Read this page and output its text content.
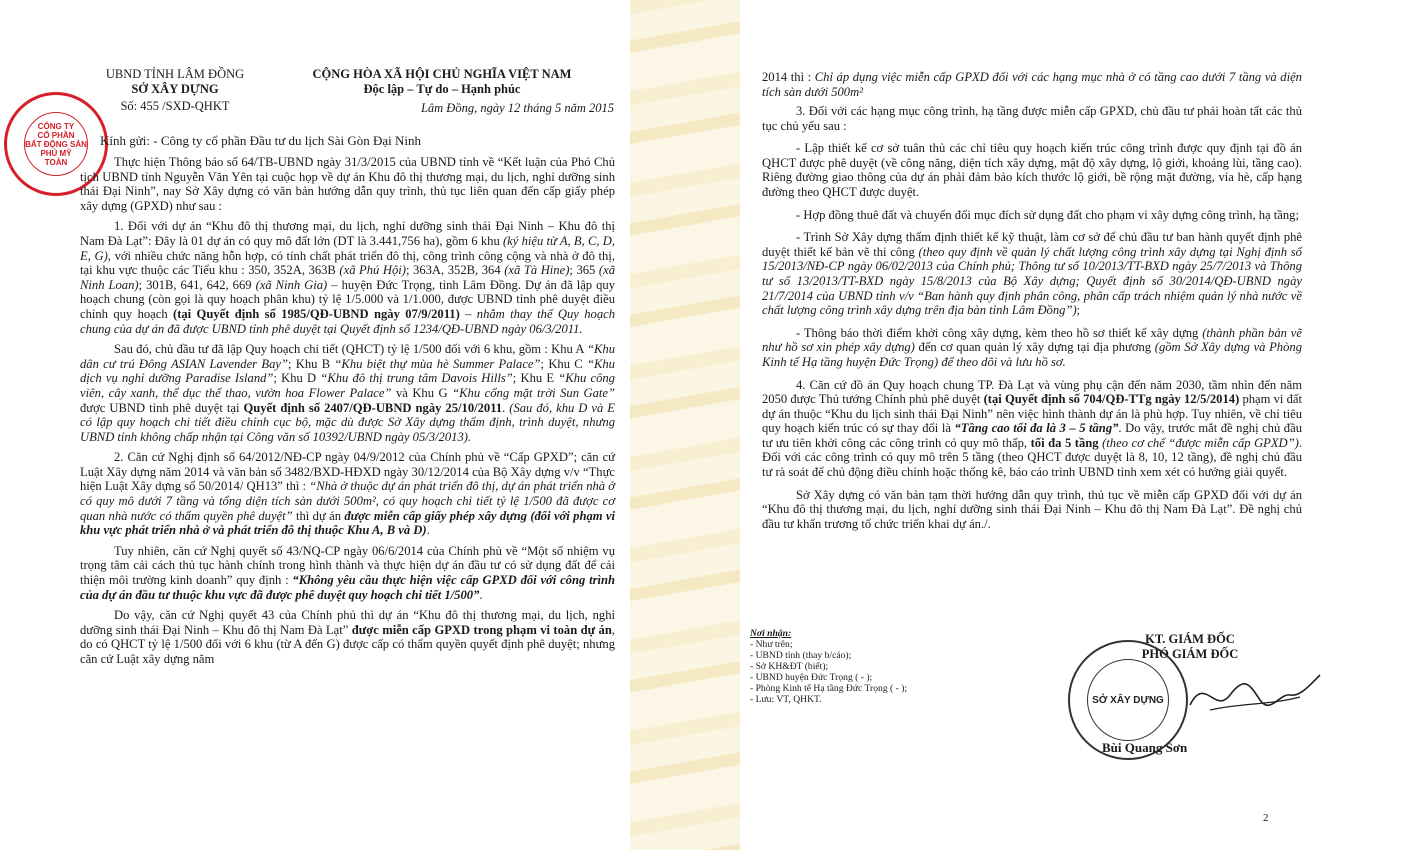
UBND TỈNH LÂM ĐỒNG
SỞ XÂY DỰNG
Số: 455 /SXD-QHKT
CỘNG HÒA XÃ HỘI CHỦ NGHĨA VIỆT NAM
Độc lập – Tự do – Hạnh phúc
Lâm Đồng, ngày 12 tháng 5 năm 2015
CÔNG TY
CỔ PHẦN
BẤT ĐỘNG SẢN
PHÚ MỸ
TOÀN
Kính gửi: - Công ty cổ phần Đầu tư du lịch Sài Gòn Đại Ninh

Thực hiện Thông báo số 64/TB-UBND ngày 31/3/2015 của UBND tỉnh về “Kết luận của Phó Chủ tịch UBND tỉnh Nguyễn Văn Yên tại cuộc họp về dự án Khu đô thị thương mại, du lịch, nghỉ dưỡng sinh thái Đại Ninh”, nay Sở Xây dựng có văn bản hướng dẫn quy trình, thủ tục liên quan đến cấp giấy phép xây dựng (GPXD) như sau :

1. Đối với dự án “Khu đô thị thương mại, du lịch, nghỉ dưỡng sinh thái Đại Ninh – Khu đô thị Nam Đà Lạt”: Đây là 01 dự án có quy mô đất lớn (DT là 3.441,756 ha), gồm 6 khu (ký hiệu từ A, B, C, D, E, G), với nhiều chức năng hỗn hợp, có tính chất phát triển đô thị, công trình công cộng và nhà ở đô thị, tại khu vực thuộc các Tiểu khu : 350, 352A, 363B (xã Phú Hội); 363A, 352B, 364 (xã Tà Hine); 365 (xã Ninh Loan); 301B, 641, 642, 669 (xã Ninh Gia) – huyện Đức Trọng, tỉnh Lâm Đồng. Dự án đã lập quy hoạch chung (còn gọi là quy hoạch phân khu) tỷ lệ 1/5.000 và 1/1.000, được UBND tỉnh phê duyệt điều chỉnh quy hoạch (tại Quyết định số 1985/QĐ-UBND ngày 07/9/2011) – nhằm thay thế Quy hoạch chung của dự án đã được UBND tỉnh phê duyệt tại Quyết định số 1234/QĐ-UBND ngày 06/3/2011.

Sau đó, chủ đầu tư đã lập Quy hoạch chi tiết (QHCT) tỷ lệ 1/500 đối với 6 khu, gồm : Khu A “Khu dân cư trú Đông ASIAN Lavender Bay”; Khu B “Khu biệt thự mùa hè Summer Palace”; Khu C “Khu dịch vụ nghỉ dưỡng Paradise Island”; Khu D “Khu đô thị trung tâm Davois Hills”; Khu E “Khu công viên, cây xanh, thể dục thể thao, vườn hoa Flower Palace” và Khu G “Khu cổng mặt trời Sun Gate” được UBND tỉnh phê duyệt tại Quyết định số 2407/QĐ-UBND ngày 25/10/2011. (Sau đó, khu D và E có lập quy hoạch chi tiết điều chỉnh cục bộ, mặc dù được Sở Xây dựng thẩm định, trình duyệt, nhưng UBND tỉnh không chấp nhận tại Công văn số 10392/UBND ngày 05/3/2013).

2. Căn cứ Nghị định số 64/2012/NĐ-CP ngày 04/9/2012 của Chính phủ về “Cấp GPXD”; căn cứ Luật Xây dựng năm 2014 và văn bản số 3482/BXD-HĐXD ngày 30/12/2014 của Bộ Xây dựng v/v “Thực hiện Luật Xây dựng số 50/2014/ QH13” thì : “Nhà ở thuộc dự án phát triển đô thị, dự án phát triển nhà ở có quy mô dưới 7 tầng và tổng diện tích sàn dưới 500m², có quy hoạch chi tiết tỷ lệ 1/500 đã được cơ quan nhà nước có thẩm quyền phê duyệt” thì dự án được miễn cấp giấy phép xây dựng (đối với phạm vi khu vực phát triển nhà ở và phát triển đô thị thuộc Khu A, B và D).

Tuy nhiên, căn cứ Nghị quyết số 43/NQ-CP ngày 06/6/2014 của Chính phủ về “Một số nhiệm vụ trọng tâm cải cách thủ tục hành chính trong hình thành và thực hiện dự án đầu tư có sử dụng đất để cải thiện môi trường kinh doanh” quy định : “Không yêu cầu thực hiện việc cấp GPXD đối với công trình của dự án đầu tư thuộc khu vực đã được phê duyệt quy hoạch chi tiết 1/500”.

Do vậy, căn cứ Nghị quyết 43 của Chính phủ thì dự án “Khu đô thị thương mại, du lịch, nghỉ dưỡng sinh thái Đại Ninh – Khu đô thị Nam Đà Lạt” được miễn cấp GPXD trong phạm vi toàn dự án, do có QHCT tỷ lệ 1/500 đối với 6 khu (từ A đến G) được cấp có thẩm quyền quyết định phê duyệt; nhưng căn cứ Luật xây dựng năm

2014 thì : Chỉ áp dụng việc miễn cấp GPXD đối với các hạng mục nhà ở có tầng cao dưới 7 tầng và diện tích sàn dưới 500m²

3. Đối với các hạng mục công trình, hạ tầng được miễn cấp GPXD, chủ đầu tư phải hoàn tất các thủ tục chủ yếu sau :

- Lập thiết kế cơ sở tuân thủ các chỉ tiêu quy hoạch kiến trúc công trình được quy định tại đồ án QHCT được phê duyệt (về công năng, diện tích xây dựng, mật độ xây dựng, lộ giới, khoảng lùi, tầng cao). Riêng đường giao thông của dự án phải đảm bảo kích thước lộ giới, bề rộng mặt đường, vỉa hè, cấp hạng đường theo QHCT được duyệt.

- Hợp đồng thuê đất và chuyển đổi mục đích sử dụng đất cho phạm vi xây dựng công trình, hạ tầng;

- Trình Sở Xây dựng thẩm định thiết kế kỹ thuật, làm cơ sở để chủ đầu tư ban hành quyết định phê duyệt thiết kế bản vẽ thi công (theo quy định về quản lý chất lượng công trình xây dựng tại Nghị định số 15/2013/NĐ-CP ngày 06/02/2013 của Chính phủ; Thông tư số 10/2013/TT-BXD ngày 25/7/2013 và Thông tư số 13/2013/TT-BXD ngày 15/8/2013 của Bộ Xây dựng; Quyết định số 30/2014/QĐ-UBND ngày 21/7/2014 của UBND tỉnh v/v “Ban hành quy định phân công, phân cấp trách nhiệm quản lý nhà nước về chất lượng công trình xây dựng trên địa bàn tỉnh Lâm Đồng”);

- Thông báo thời điểm khởi công xây dựng, kèm theo hồ sơ thiết kế xây dựng (thành phần bản vẽ như hồ sơ xin phép xây dựng) đến cơ quan quản lý xây dựng tại địa phương (gồm Sở Xây dựng và Phòng Kinh tế Hạ tầng huyện Đức Trọng) để theo dõi và lưu hồ sơ.

4. Căn cứ đồ án Quy hoạch chung TP. Đà Lạt và vùng phụ cận đến năm 2030, tầm nhìn đến năm 2050 được Thủ tướng Chính phủ phê duyệt (tại Quyết định số 704/QĐ-TTg ngày 12/5/2014) phạm vi đất dự án thuộc “Khu du lịch sinh thái Đại Ninh” nên việc hình thành dự án là phù hợp. Tuy nhiên, về chỉ tiêu quy hoạch kiến trúc có sự thay đổi là “Tầng cao tối đa là 3 – 5 tầng”. Do vậy, trước mắt đề nghị chủ đầu tư ưu tiên khởi công các công trình có quy mô thấp, tối đa 5 tầng (theo cơ chế “được miễn cấp GPXD”). Đối với các công trình có quy mô trên 5 tầng (theo QHCT được duyệt là 8, 10, 12 tầng), đề nghị chủ đầu tư rà soát để chủ động điều chỉnh hoặc thống kê, báo cáo trình UBND tỉnh xem xét có hướng giải quyết.

Sở Xây dựng có văn bản tạm thời hướng dẫn quy trình, thủ tục về miễn cấp GPXD đối với dự án “Khu đô thị thương mại, du lịch, nghỉ dưỡng sinh thái Đại Ninh – Khu đô thị Nam Đà Lạt”. Đề nghị chủ đầu tư khẩn trương tổ chức triển khai dự án./.

Nơi nhận:

- Như trên;

- UBND tỉnh (thay b/cáo);

- Sở KH&ĐT (biết);

- UBND huyện Đức Trọng ( - );

- Phòng Kinh tế Hạ tầng Đức Trọng ( - );

- Lưu: VT, QHKT.

KT. GIÁM ĐỐC
PHÓ GIÁM ĐỐC
Bùi Quang Sơn
2
SỞ XÂY DỰNG
